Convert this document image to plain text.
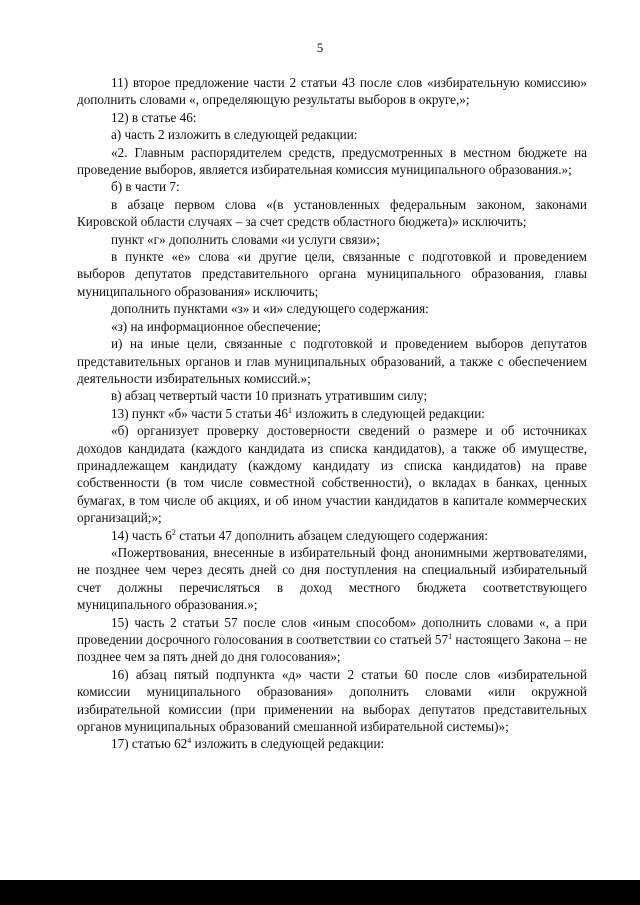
5

11) второе предложение части 2 статьи 43 после слов «избирательную комиссию» дополнить словами «, определяющую результаты выборов в округе,»;

12) в статье 46:

а) часть 2 изложить в следующей редакции:

«2. Главным распорядителем средств, предусмотренных в местном бюджете на проведение выборов, является избирательная комиссия муниципального образования.»;

б) в части 7:

в абзаце первом слова «(в установленных федеральным законом, законами Кировской области случаях – за счет средств областного бюджета)» исключить;

пункт «г» дополнить словами «и услуги связи»;

в пункте «е» слова «и другие цели, связанные с подготовкой и проведением выборов депутатов представительного органа муниципального образования, главы муниципального образования» исключить;

дополнить пунктами «з» и «и» следующего содержания:

«з) на информационное обеспечение;

и) на иные цели, связанные с подготовкой и проведением выборов депутатов представительных органов и глав муниципальных образований, а также с обеспечением деятельности избирательных комиссий.»;

в) абзац четвертый части 10 признать утратившим силу;

13) пункт «б» части 5 статьи $46^1$ изложить в следующей редакции:

«б) организует проверку достоверности сведений о размере и об источниках доходов кандидата (каждого кандидата из списка кандидатов), а также об имуществе, принадлежащем кандидату (каждому кандидату из списка кандидатов) на праве собственности (в том числе совместной собственности), о вкладах в банках, ценных бумагах, в том числе об акциях, и об ином участии кандидатов в капитале коммерческих организаций;»;

14) часть $6^2$ статьи 47 дополнить абзацем следующего содержания:

«Пожертвования, внесенные в избирательный фонд анонимными жертвователями, не позднее чем через десять дней со дня поступления на специальный избирательный счет должны перечисляться в доход местного бюджета соответствующего муниципального образования.»;

15) часть 2 статьи 57 после слов «иным способом» дополнить словами «, а при проведении досрочного голосования в соответствии со статьей $57^1$ настоящего Закона – не позднее чем за пять дней до дня голосования»;

16) абзац пятый подпункта «д» части 2 статьи 60 после слов «избирательной комиссии муниципального образования» дополнить словами «или окружной избирательной комиссии (при применении на выборах депутатов представительных органов муниципальных образований смешанной избирательной системы)»;

17) статью $62^4$ изложить в следующей редакции:
